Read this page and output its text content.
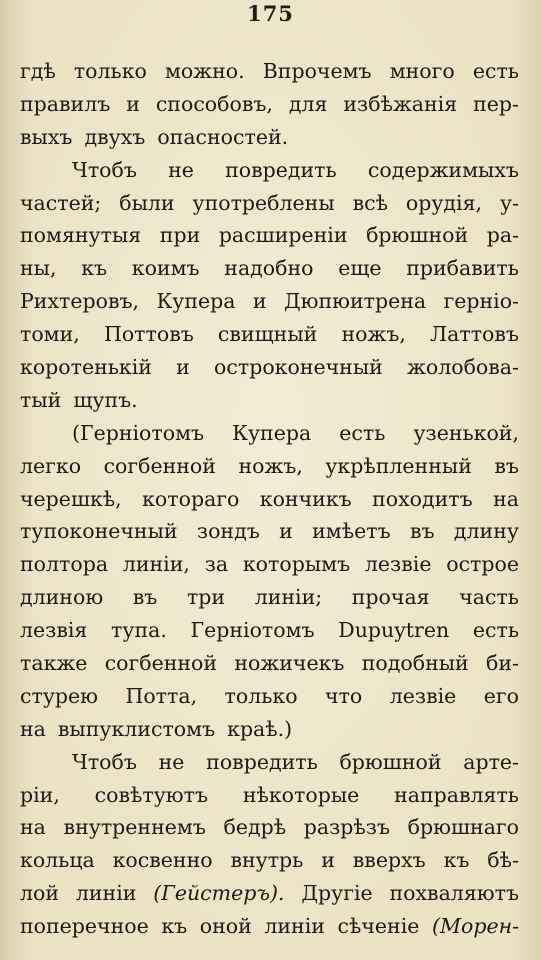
175
гдѣ только можно. Впрочемъ много есть
правилъ и способовъ, для избѣжанія пер-
выхъ двухъ опасностей.
Чтобъ не повредить содержимыхъ
частей; были употреблены всѣ орудія, у-
помянутыя при расширеніи брюшной ра-
ны, къ коимъ надобно еще прибавить
Рихтеровъ, Купера и Дюпюитрена герніо-
томи, Поттовъ свищный ножъ, Латтовъ
коротенькій и остроконечный жолобова-
тый щупъ.
(Герніотомъ Купера есть узенькой,
легко согбенной ножъ, укрѣпленный въ
черешкѣ, котораго кончикъ походитъ на
тупоконечный зондъ и имѣетъ въ длину
полтора линіи, за которымъ лезвіе острое
длиною въ три линіи; прочая часть
лезвія тупа. Герніотомъ Dupuytren есть
также согбенной ножичекъ подобный би-
стурею Потта, только что лезвіе его
на выпуклистомъ краѣ.)
Чтобъ не повредить брюшной арте-
ріи, совѣтуютъ нѣкоторые направлять
на внутреннемъ бедрѣ разрѣзъ брюшнаго
кольца косвенно внутрь и вверхъ къ бѣ-
лой линіи (Гейстеръ). Другіе похваляютъ
поперечное къ оной линіи сѣченіе (Морен-
